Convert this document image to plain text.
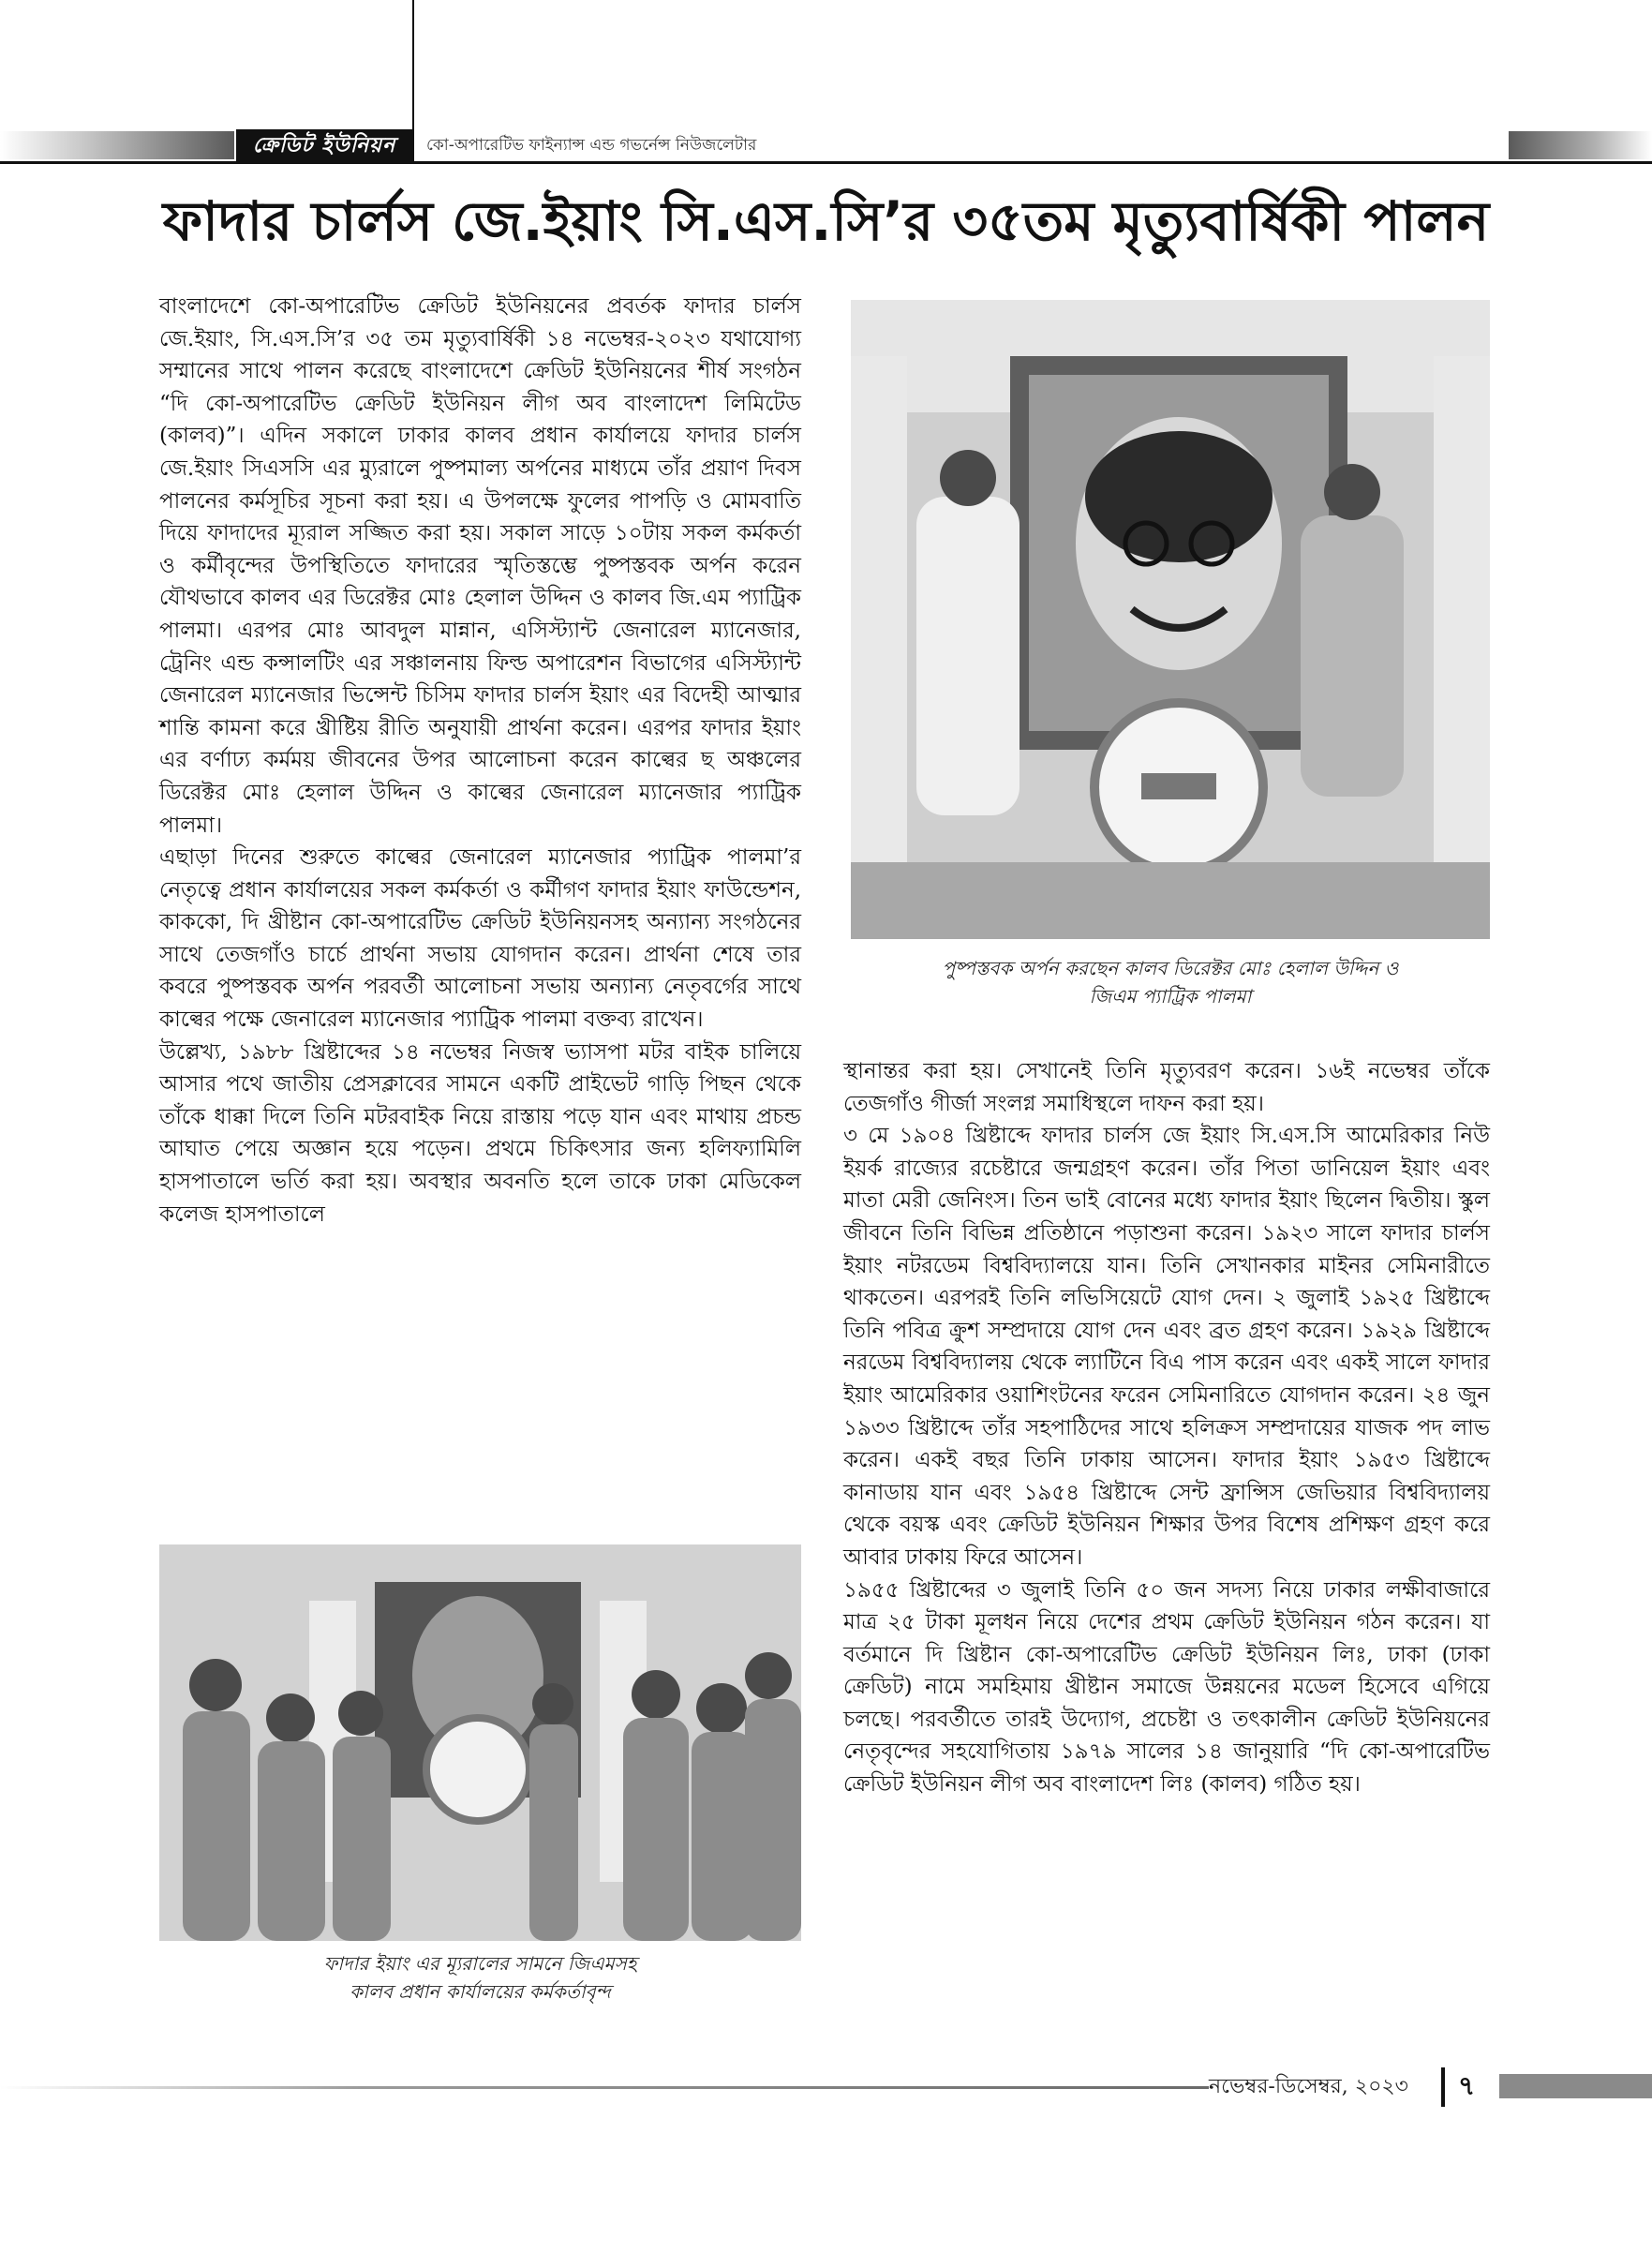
ক্রেডিট ইউনিয়ন	কো-অপারেটিভ ফাইন্যান্স এন্ড গভর্নেন্স নিউজলেটার
ফাদার চার্লস জে.ইয়াং সি.এস.সি’র ৩৫তম মৃত্যুবার্ষিকী পালন

বাংলাদেশে কো-অপারেটিভ ক্রেডিট ইউনিয়নের প্রবর্তক ফাদার চার্লস জে.ইয়াং, সি.এস.সি’র ৩৫ তম মৃত্যুবার্ষিকী ১৪ নভেম্বর-২০২৩ যথাযোগ্য সম্মানের সাথে পালন করেছে বাংলাদেশে ক্রেডিট ইউনিয়নের শীর্ষ সংগঠন “দি কো-অপারেটিভ ক্রেডিট ইউনিয়ন লীগ অব বাংলাদেশ লিমিটেড (কালব)”। এদিন সকালে ঢাকার কালব প্রধান কার্যালয়ে ফাদার চার্লস জে.ইয়াং সিএসসি এর ম্যুরালে পুষ্পমাল্য অর্পনের মাধ্যমে তাঁর প্রয়াণ দিবস পালনের কর্মসূচির সূচনা করা হয়। এ উপলক্ষে ফুলের পাপড়ি ও মোমবাতি দিয়ে ফাদাদের ম্যূরাল সজ্জিত করা হয়। সকাল সাড়ে ১০টায় সকল কর্মকর্তা ও কর্মীবৃন্দের উপস্থিতিতে ফাদারের স্মৃতিস্তম্ভে পুষ্পস্তবক অর্পন করেন যৌথভাবে কালব এর ডিরেক্টর মোঃ হেলাল উদ্দিন ও কালব জি.এম প্যাট্রিক পালমা। এরপর মোঃ আবদুল মান্নান, এসিস্ট্যান্ট জেনারেল ম্যানেজার, ট্রেনিং এন্ড কন্সালটিং এর সঞ্চালনায় ফিল্ড অপারেশন বিভাগের এসিস্ট্যান্ট জেনারেল ম্যানেজার ভিন্সেন্ট চিসিম ফাদার চার্লস ইয়াং এর বিদেহী আত্মার শান্তি কামনা করে খ্রীষ্টিয় রীতি অনুযায়ী প্রার্থনা করেন। এরপর ফাদার ইয়াং এর বর্ণাঢ্য কর্মময় জীবনের উপর আলোচনা করেন কাল্বের ছ অঞ্চলের ডিরেক্টর মোঃ হেলাল উদ্দিন ও কাল্বের জেনারেল ম্যানেজার প্যাট্রিক পালমা।

এছাড়া দিনের শুরুতে কাল্বের জেনারেল ম্যানেজার প্যাট্রিক পালমা’র নেতৃত্বে প্রধান কার্যালয়ের সকল কর্মকর্তা ও কর্মীগণ ফাদার ইয়াং ফাউন্ডেশন, কাককো, দি খ্রীষ্টান কো-অপারেটিভ ক্রেডিট ইউনিয়নসহ অন্যান্য সংগঠনের সাথে তেজগাঁও চার্চে প্রার্থনা সভায় যোগদান করেন। প্রার্থনা শেষে তার কবরে পুষ্পস্তবক অর্পন পরবর্তী আলোচনা সভায় অন্যান্য নেতৃবর্গের সাথে কাল্বের পক্ষে জেনারেল ম্যানেজার প্যাট্রিক পালমা বক্তব্য রাখেন।

উল্লেখ্য, ১৯৮৮ খ্রিষ্টাব্দের ১৪ নভেম্বর নিজস্ব ভ্যাসপা মটর বাইক চালিয়ে আসার পথে জাতীয় প্রেসক্লাবের সামনে একটি প্রাইভেট গাড়ি পিছন থেকে তাঁকে ধাক্কা দিলে তিনি মটরবাইক নিয়ে রাস্তায় পড়ে যান এবং মাথায় প্রচন্ড আঘাত পেয়ে অজ্ঞান হয়ে পড়েন। প্রথমে চিকিৎসার জন্য হলিফ্যামিলি হাসপাতালে ভর্তি করা হয়। অবস্থার অবনতি হলে তাকে ঢাকা মেডিকেল কলেজ হাসপাতালে

পুষ্পস্তবক অর্পন করছেন কালব ডিরেক্টর মোঃ হেলাল উদ্দিন ও
জিএম প্যাট্রিক পালমা

স্থানান্তর করা হয়। সেখানেই তিনি মৃত্যুবরণ করেন। ১৬ই নভেম্বর তাঁকে তেজগাঁও গীর্জা সংলগ্ন সমাধিস্থলে দাফন করা হয়।

৩ মে ১৯০৪ খ্রিষ্টাব্দে ফাদার চার্লস জে ইয়াং সি.এস.সি আমেরিকার নিউ ইয়র্ক রাজ্যের রচেষ্টারে জন্মগ্রহণ করেন। তাঁর পিতা ডানিয়েল ইয়াং এবং মাতা মেরী জেনিংস। তিন ভাই বোনের মধ্যে ফাদার ইয়াং ছিলেন দ্বিতীয়। স্কুল জীবনে তিনি বিভিন্ন প্রতিষ্ঠানে পড়াশুনা করেন। ১৯২৩ সালে ফাদার চার্লস ইয়াং নটরডেম বিশ্ববিদ্যালয়ে যান। তিনি সেখানকার মাইনর সেমিনারীতে থাকতেন। এরপরই তিনি লভিসিয়েটে যোগ দেন। ২ জুলাই ১৯২৫ খ্রিষ্টাব্দে তিনি পবিত্র ক্রুশ সম্প্রদায়ে যোগ দেন এবং ব্রত গ্রহণ করেন। ১৯২৯ খ্রিষ্টাব্দে নরডেম বিশ্ববিদ্যালয় থেকে ল্যাটিনে বিএ পাস করেন এবং একই সালে ফাদার ইয়াং আমেরিকার ওয়াশিংটনের ফরেন সেমিনারিতে যোগদান করেন। ২৪ জুন ১৯৩৩ খ্রিষ্টাব্দে তাঁর সহপাঠিদের সাথে হলিক্রস সম্প্রদায়ের যাজক পদ লাভ করেন। একই বছর তিনি ঢাকায় আসেন। ফাদার ইয়াং ১৯৫৩ খ্রিষ্টাব্দে কানাডায় যান এবং ১৯৫৪ খ্রিষ্টাব্দে সেন্ট ফ্রান্সিস জেভিয়ার বিশ্ববিদ্যালয় থেকে বয়স্ক এবং ক্রেডিট ইউনিয়ন শিক্ষার উপর বিশেষ প্রশিক্ষণ গ্রহণ করে আবার ঢাকায় ফিরে আসেন।

১৯৫৫ খ্রিষ্টাব্দের ৩ জুলাই তিনি ৫০ জন সদস্য নিয়ে ঢাকার লক্ষীবাজারে মাত্র ২৫ টাকা মূলধন নিয়ে দেশের প্রথম ক্রেডিট ইউনিয়ন গঠন করেন। যা বর্তমানে দি খ্রিষ্টান কো-অপারেটিভ ক্রেডিট ইউনিয়ন লিঃ, ঢাকা (ঢাকা ক্রেডিট) নামে সমহিমায় খ্রীষ্টান সমাজে উন্নয়নের মডেল হিসেবে এগিয়ে চলছে। পরবর্তীতে তারই উদ্যোগ, প্রচেষ্টা ও তৎকালীন ক্রেডিট ইউনিয়নের নেতৃবৃন্দের সহযোগিতায় ১৯৭৯ সালের ১৪ জানুয়ারি “দি কো-অপারেটিভ ক্রেডিট ইউনিয়ন লীগ অব বাংলাদেশ লিঃ (কালব) গঠিত হয়।

ফাদার ইয়াং এর ম্যূরালের সামনে জিএমসহ
কালব প্রধান কার্যালয়ের কর্মকর্তাবৃন্দ
নভেম্বর-ডিসেম্বর, ২০২৩ ৭
